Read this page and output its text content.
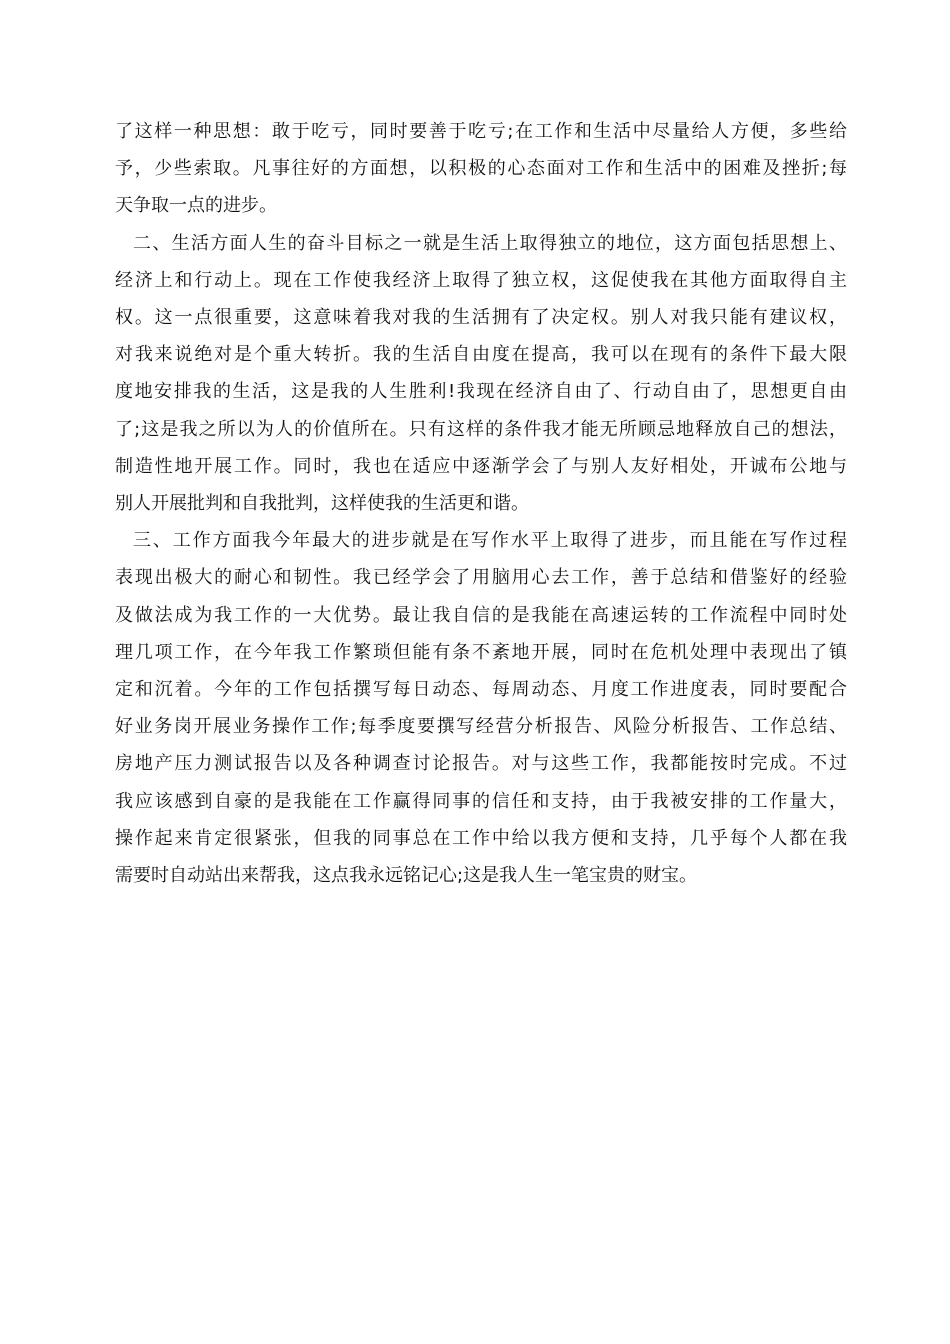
了这样一种思想：敢于吃亏，同时要善于吃亏;在工作和生活中尽量给人方便，多些给
予，少些索取。凡事往好的方面想，以积极的心态面对工作和生活中的困难及挫折;每
天争取一点的进步。

二、生活方面人生的奋斗目标之一就是生活上取得独立的地位，这方面包括思想上、
经济上和行动上。现在工作使我经济上取得了独立权，这促使我在其他方面取得自主
权。这一点很重要，这意味着我对我的生活拥有了决定权。别人对我只能有建议权，
对我来说绝对是个重大转折。我的生活自由度在提高，我可以在现有的条件下最大限
度地安排我的生活，这是我的人生胜利!我现在经济自由了、行动自由了，思想更自由
了;这是我之所以为人的价值所在。只有这样的条件我才能无所顾忌地释放自己的想法，
制造性地开展工作。同时，我也在适应中逐渐学会了与别人友好相处，开诚布公地与
别人开展批判和自我批判，这样使我的生活更和谐。

三、工作方面我今年最大的进步就是在写作水平上取得了进步，而且能在写作过程
表现出极大的耐心和韧性。我已经学会了用脑用心去工作，善于总结和借鉴好的经验
及做法成为我工作的一大优势。最让我自信的是我能在高速运转的工作流程中同时处
理几项工作，在今年我工作繁琐但能有条不紊地开展，同时在危机处理中表现出了镇
定和沉着。今年的工作包括撰写每日动态、每周动态、月度工作进度表，同时要配合
好业务岗开展业务操作工作;每季度要撰写经营分析报告、风险分析报告、工作总结、
房地产压力测试报告以及各种调查讨论报告。对与这些工作，我都能按时完成。不过
我应该感到自豪的是我能在工作赢得同事的信任和支持，由于我被安排的工作量大，
操作起来肯定很紧张，但我的同事总在工作中给以我方便和支持，几乎每个人都在我
需要时自动站出来帮我，这点我永远铭记心;这是我人生一笔宝贵的财宝。
